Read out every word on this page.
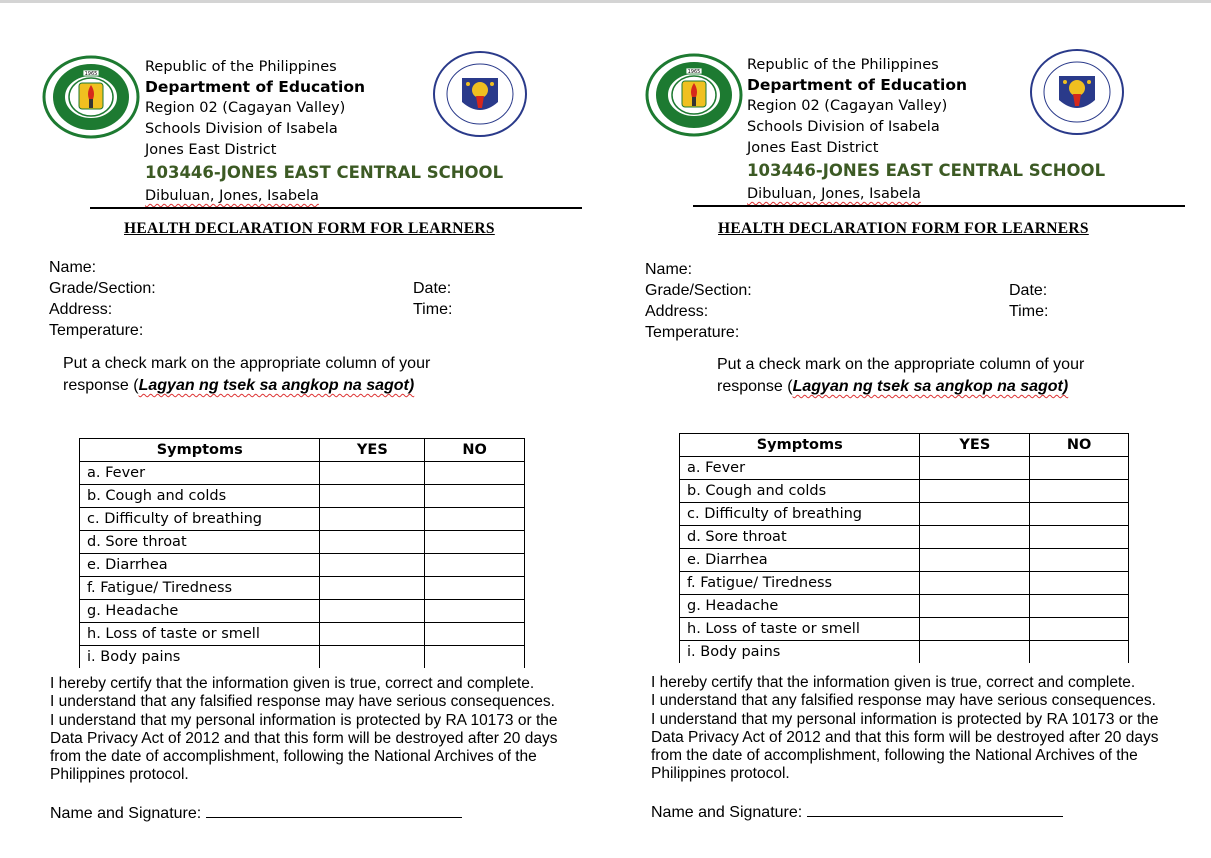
1965	Republic of the Philippines
Department of Education
Region 02 (Cagayan Valley)
Schools Division of Isabela
Jones East District
103446-JONES EAST CENTRAL SCHOOL
Dibuluan, Jones, Isabela
HEALTH DECLARATION FORM FOR LEARNERS
Name:
Grade/Section:	Date:
Address:	Time:
Temperature:
Put a check mark on the appropriate column of your response (Lagyan ng tsek sa angkop na sagot)
Symptoms	YES	NO
a. Fever		
b. Cough and colds		
c. Difficulty of breathing		
d. Sore throat		
e. Diarrhea		
f. Fatigue/ Tiredness		
g. Headache		
h. Loss of taste or smell		
i. Body pains		
I hereby certify that the information given is true, correct and complete.
I understand that any falsified response may have serious consequences.
I understand that my personal information is protected by RA 10173 or the Data Privacy Act of 2012 and that this form will be destroyed after 20 days from the date of accomplishment, following the National Archives of the Philippines protocol.
Name and Signature:
1965	Republic of the Philippines
Department of Education
Region 02 (Cagayan Valley)
Schools Division of Isabela
Jones East District
103446-JONES EAST CENTRAL SCHOOL
Dibuluan, Jones, Isabela
HEALTH DECLARATION FORM FOR LEARNERS
Name:
Grade/Section:	Date:
Address:	Time:
Temperature:
Put a check mark on the appropriate column of your response (Lagyan ng tsek sa angkop na sagot)
Symptoms	YES	NO
a. Fever		
b. Cough and colds		
c. Difficulty of breathing		
d. Sore throat		
e. Diarrhea		
f. Fatigue/ Tiredness		
g. Headache		
h. Loss of taste or smell		
i. Body pains		
I hereby certify that the information given is true, correct and complete.
I understand that any falsified response may have serious consequences.
I understand that my personal information is protected by RA 10173 or the Data Privacy Act of 2012 and that this form will be destroyed after 20 days from the date of accomplishment, following the National Archives of the Philippines protocol.
Name and Signature:
